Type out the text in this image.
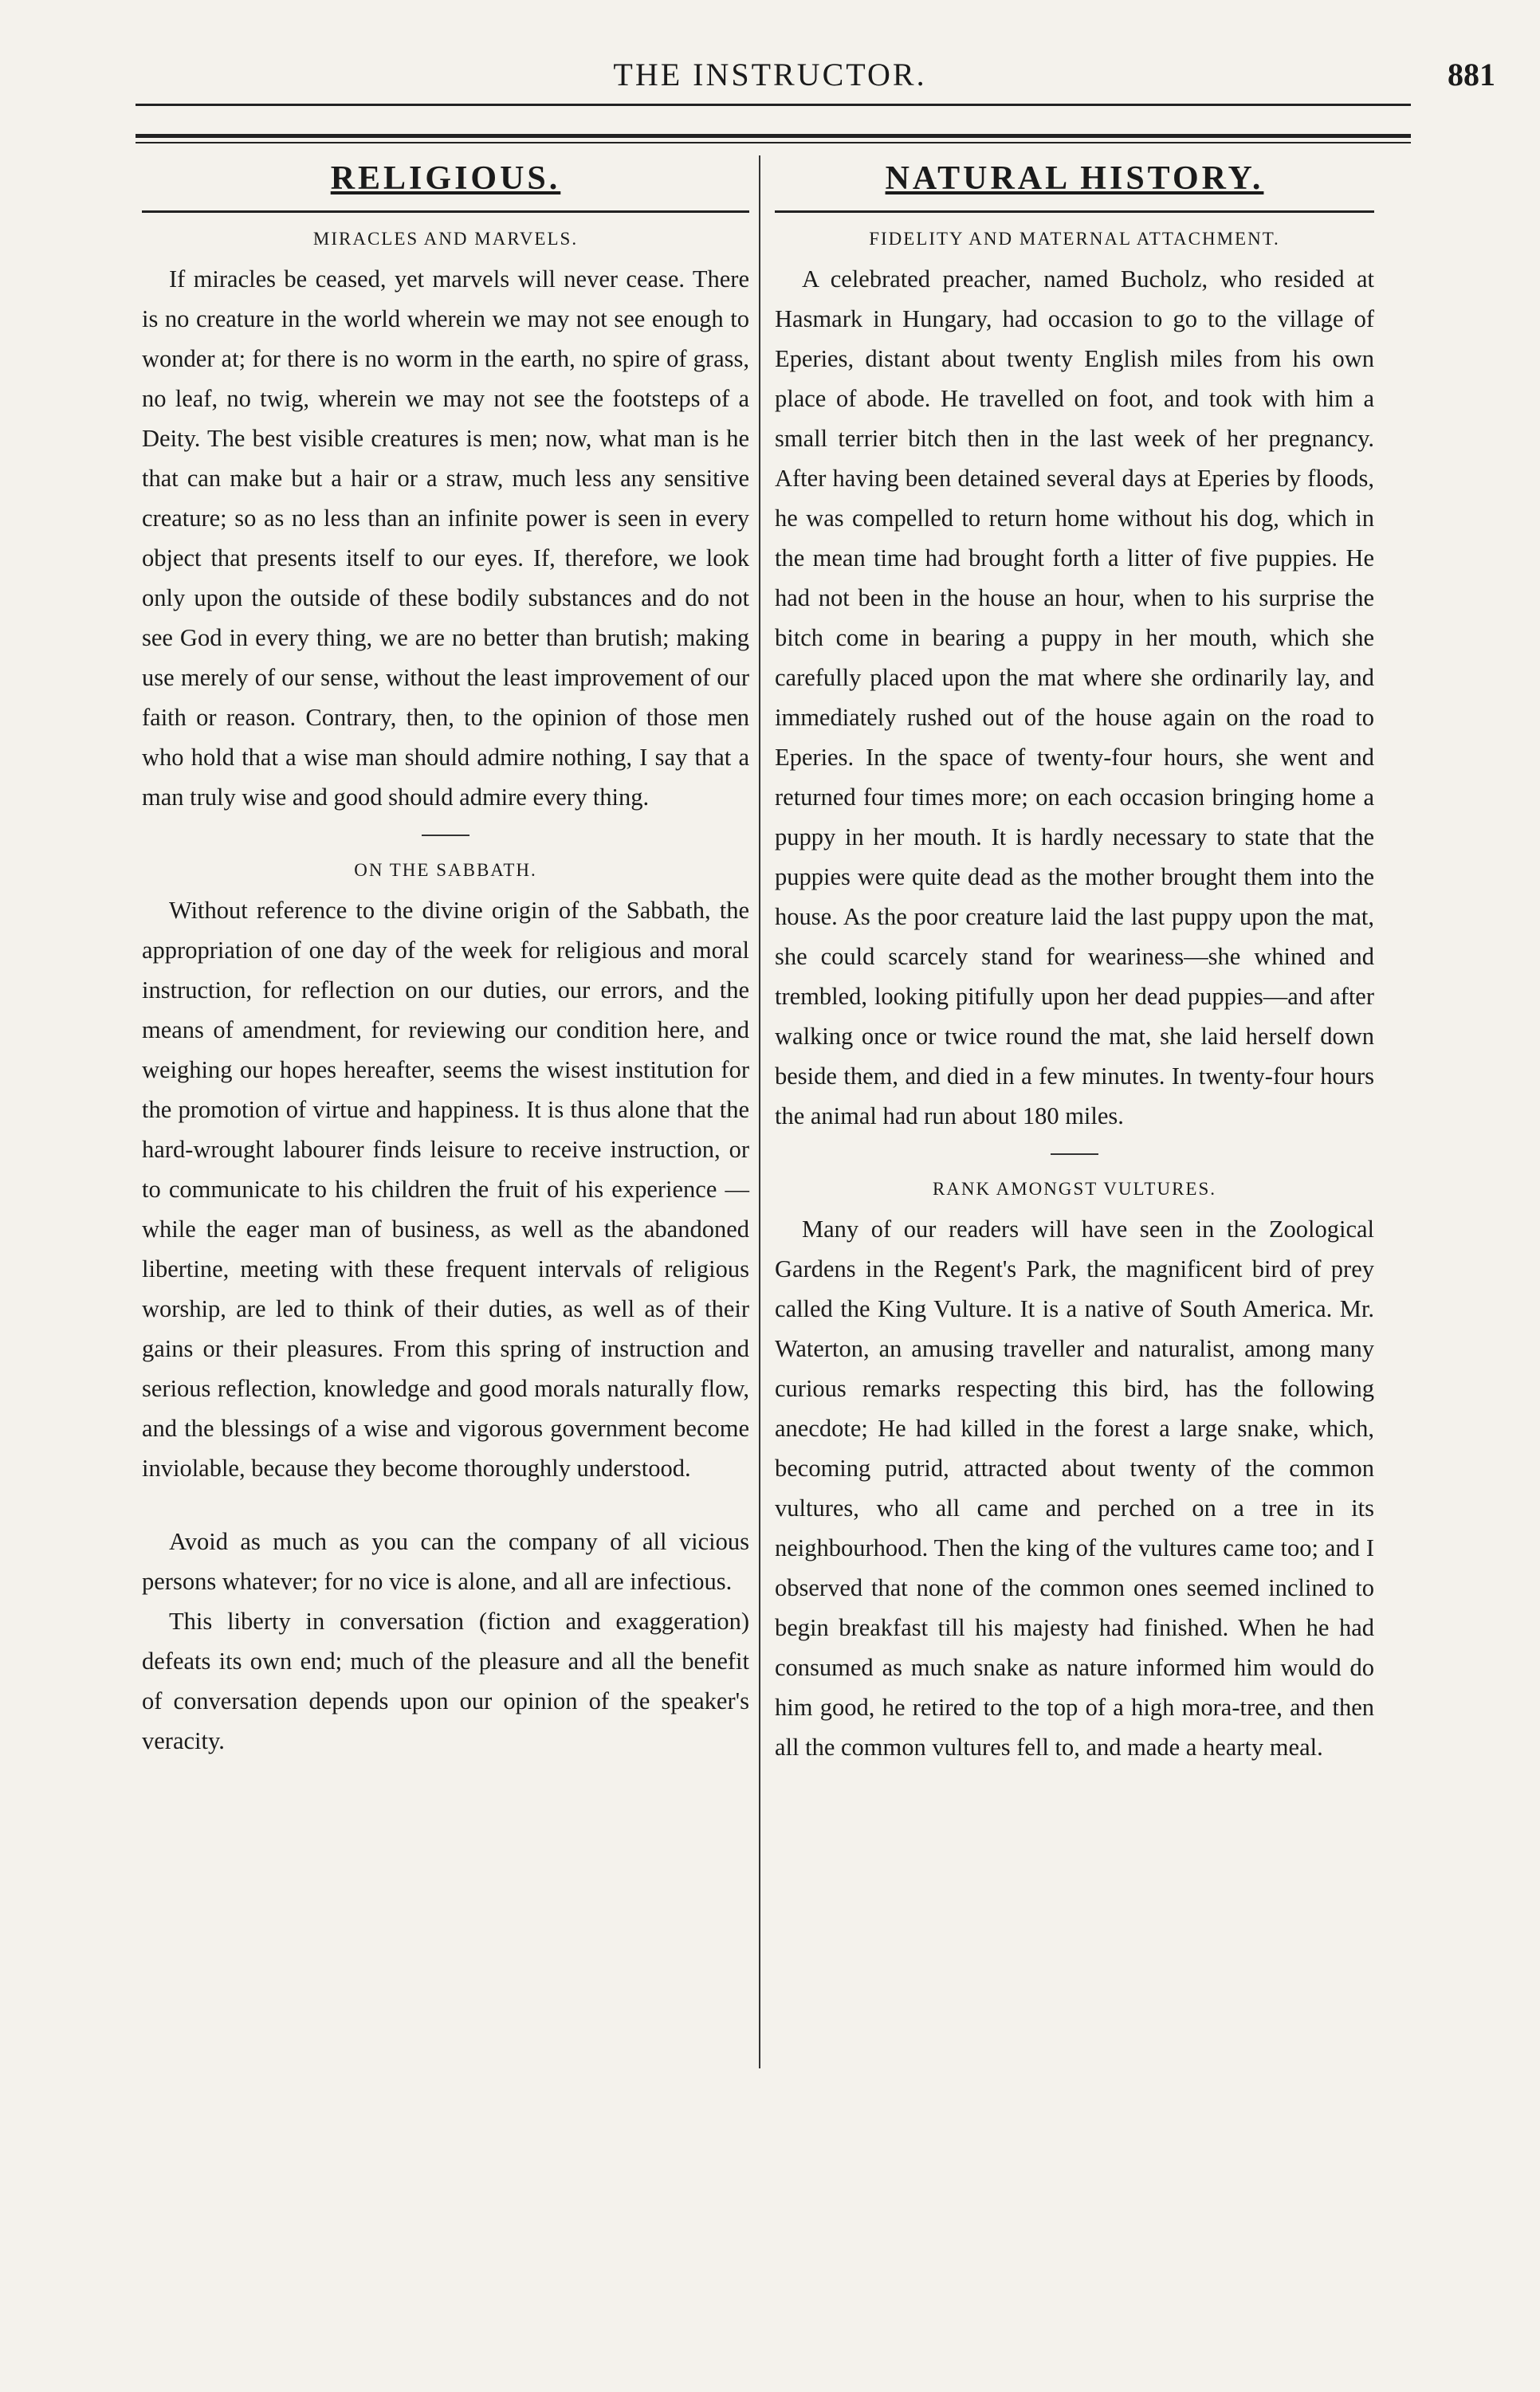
THE INSTRUCTOR.	881
RELIGIOUS.
MIRACLES AND MARVELS.

If miracles be ceased, yet marvels will never cease. There is no creature in the world wherein we may not see enough to wonder at; for there is no worm in the earth, no spire of grass, no leaf, no twig, wherein we may not see the footsteps of a Deity. The best visible creatures is men; now, what man is he that can make but a hair or a straw, much less any sensitive creature; so as no less than an infinite power is seen in every object that presents itself to our eyes. If, therefore, we look only upon the outside of these bodily substances and do not see God in every thing, we are no better than brutish; making use merely of our sense, without the least improvement of our faith or reason. Contrary, then, to the opinion of those men who hold that a wise man should admire nothing, I say that a man truly wise and good should admire every thing.

ON THE SABBATH.

Without reference to the divine origin of the Sabbath, the appropriation of one day of the week for religious and moral instruction, for reflection on our duties, our errors, and the means of amendment, for reviewing our condition here, and weighing our hopes hereafter, seems the wisest institution for the promotion of virtue and happiness. It is thus alone that the hard-wrought labourer finds leisure to receive instruction, or to communicate to his children the fruit of his experience —while the eager man of business, as well as the abandoned libertine, meeting with these frequent intervals of religious worship, are led to think of their duties, as well as of their gains or their pleasures. From this spring of instruction and serious reflection, knowledge and good morals naturally flow, and the blessings of a wise and vigorous government become inviolable, because they become thoroughly understood.

Avoid as much as you can the company of all vicious persons whatever; for no vice is alone, and all are infectious.

This liberty in conversation (fiction and exaggeration) defeats its own end; much of the pleasure and all the benefit of conversation depends upon our opinion of the speaker's veracity.

NATURAL HISTORY.
FIDELITY AND MATERNAL ATTACHMENT.

A celebrated preacher, named Bucholz, who resided at Hasmark in Hungary, had occasion to go to the village of Eperies, distant about twenty English miles from his own place of abode. He travelled on foot, and took with him a small terrier bitch then in the last week of her pregnancy. After having been detained several days at Eperies by floods, he was compelled to return home without his dog, which in the mean time had brought forth a litter of five puppies. He had not been in the house an hour, when to his surprise the bitch come in bearing a puppy in her mouth, which she carefully placed upon the mat where she ordinarily lay, and immediately rushed out of the house again on the road to Eperies. In the space of twenty-four hours, she went and returned four times more; on each occasion bringing home a puppy in her mouth. It is hardly necessary to state that the puppies were quite dead as the mother brought them into the house. As the poor creature laid the last puppy upon the mat, she could scarcely stand for weariness—she whined and trembled, looking pitifully upon her dead puppies—and after walking once or twice round the mat, she laid herself down beside them, and died in a few minutes. In twenty-four hours the animal had run about 180 miles.

RANK AMONGST VULTURES.

Many of our readers will have seen in the Zoological Gardens in the Regent's Park, the magnificent bird of prey called the King Vulture. It is a native of South America. Mr. Waterton, an amusing traveller and naturalist, among many curious remarks respecting this bird, has the following anecdote; He had killed in the forest a large snake, which, becoming putrid, attracted about twenty of the common vultures, who all came and perched on a tree in its neighbourhood. Then the king of the vultures came too; and I observed that none of the common ones seemed inclined to begin breakfast till his majesty had finished. When he had consumed as much snake as nature informed him would do him good, he retired to the top of a high mora-tree, and then all the common vultures fell to, and made a hearty meal.
